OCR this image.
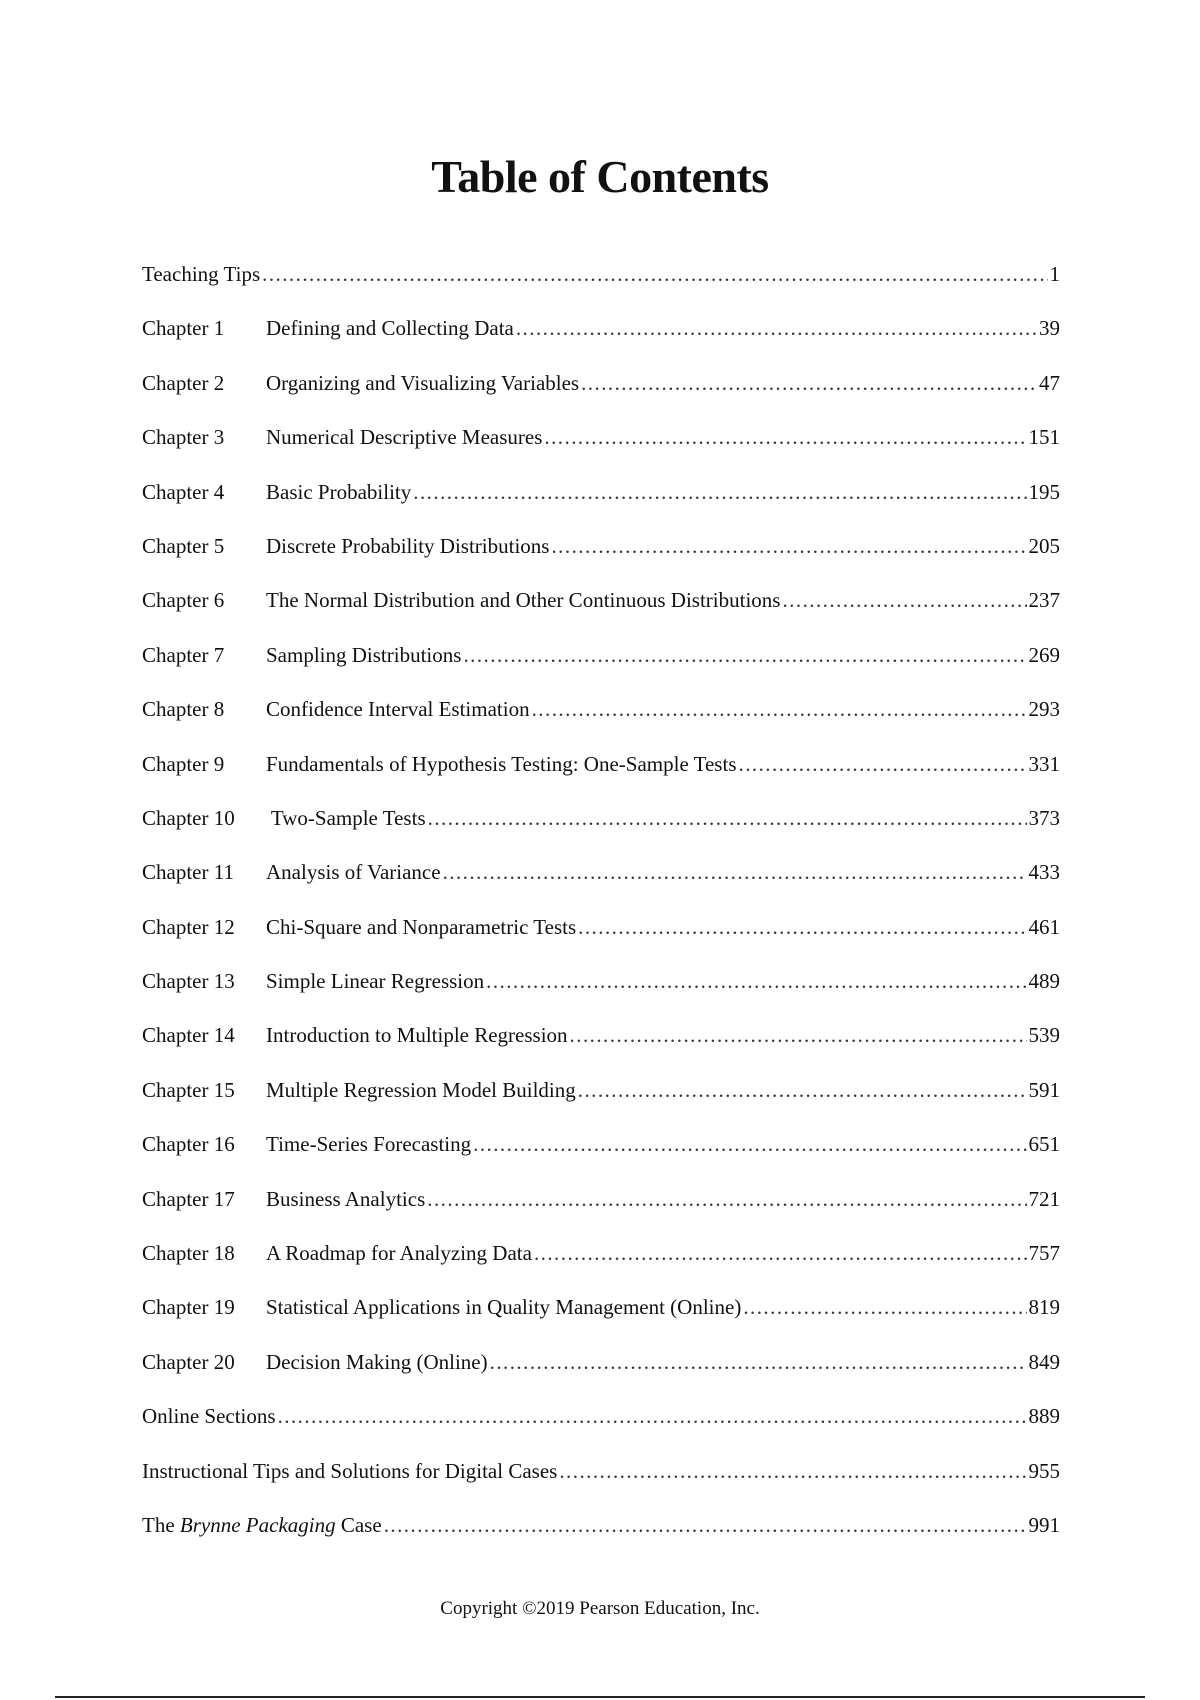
Table of Contents
Teaching Tips . . .	1
Chapter 1	Defining and Collecting Data . . .	39
Chapter 2	Organizing and Visualizing Variables . . .	47
Chapter 3	Numerical Descriptive Measures . . .	151
Chapter 4	Basic Probability . . .	195
Chapter 5	Discrete Probability Distributions . . .	205
Chapter 6	The Normal Distribution and Other Continuous Distributions . . .	237
Chapter 7	Sampling Distributions . . .	269
Chapter 8	Confidence Interval Estimation . . .	293
Chapter 9	Fundamentals of Hypothesis Testing: One-Sample Tests . . .	331
Chapter 10	Two-Sample Tests . . .	373
Chapter 11	Analysis of Variance . . .	433
Chapter 12	Chi-Square and Nonparametric Tests . . .	461
Chapter 13	Simple Linear Regression . . .	489
Chapter 14	Introduction to Multiple Regression . . .	539
Chapter 15	Multiple Regression Model Building . . .	591
Chapter 16	Time-Series Forecasting . . .	651
Chapter 17	Business Analytics . . .	721
Chapter 18	A Roadmap for Analyzing Data . . .	757
Chapter 19	Statistical Applications in Quality Management (Online) . . .	819
Chapter 20	Decision Making (Online) . . .	849
Online Sections . . .	889
Instructional Tips and Solutions for Digital Cases . . .	955
The Brynne Packaging Case . . .	991
Copyright ©2019 Pearson Education, Inc.
